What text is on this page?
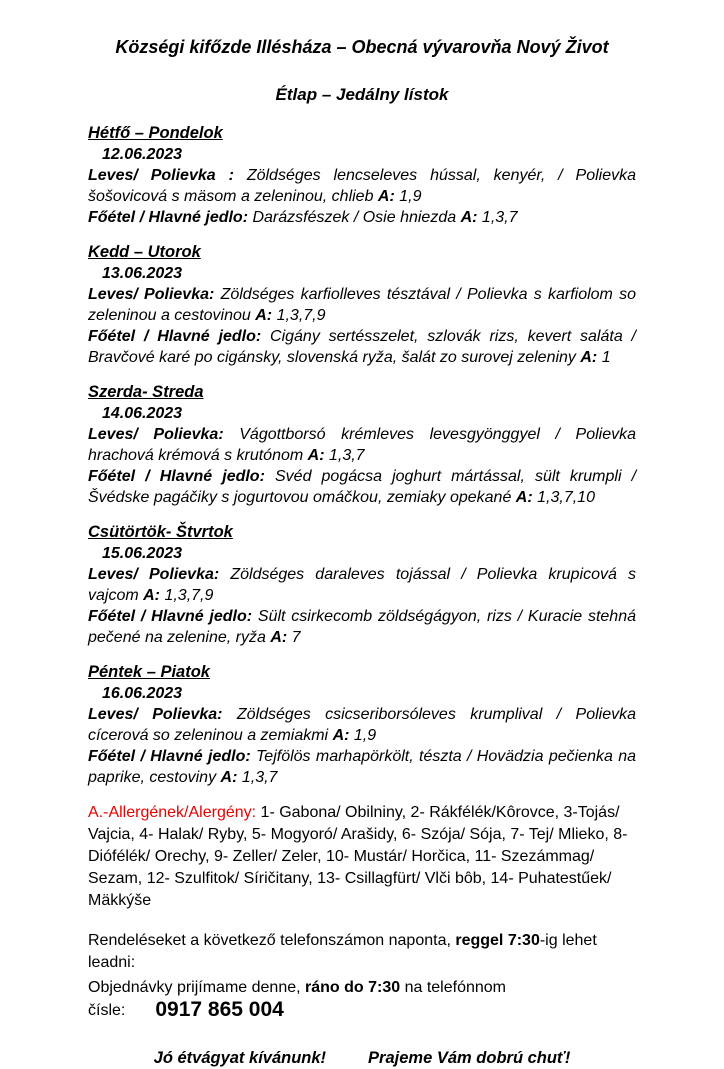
Községi kifőzde Illésháza – Obecná vývarovňa Nový Život
Étlap – Jedálny lístok
Hétfő – Pondelok

12.06.2023

Leves/ Polievka : Zöldséges lencseleves hússal, kenyér, / Polievka šošovicová s mäsom a zeleninou, chlieb A: 1,9

Főétel / Hlavné jedlo: Darázsfészek / Osie hniezda A: 1,3,7

Kedd – Utorok

13.06.2023

Leves/ Polievka: Zöldséges karfiolleves tésztával / Polievka s karfiolom so zeleninou a cestovinou A: 1,3,7,9

Főétel / Hlavné jedlo: Cigány sertésszelet, szlovák rizs, kevert saláta / Bravčové karé po cigánsky, slovenská ryža, šalát zo surovej zeleniny A: 1

Szerda- Streda

14.06.2023

Leves/ Polievka: Vágottborsó krémleves levesgyönggyel / Polievka hrachová krémová s krutónom A: 1,3,7

Főétel / Hlavné jedlo: Svéd pogácsa joghurt mártással, sült krumpli / Švédske pagáčiky s jogurtovou omáčkou, zemiaky opekané A: 1,3,7,10

Csütörtök- Štvrtok

15.06.2023

Leves/ Polievka: Zöldséges daraleves tojással / Polievka krupicová s vajcom A: 1,3,7,9

Főétel / Hlavné jedlo: Sült csirkecomb zöldségágyon, rizs / Kuracie stehná pečené na zelenine, ryža A: 7

Péntek – Piatok

16.06.2023

Leves/ Polievka: Zöldséges csicseriborsóleves krumplival / Polievka cícerová so zeleninou a zemiakmi A: 1,9

Főétel / Hlavné jedlo: Tejfölös marhapörkölt, tészta / Hovädzia pečienka na paprike, cestoviny A: 1,3,7

A.-Allergének/Alergény: 1- Gabona/ Obilniny, 2- Rákfélék/Kôrovce, 3-Tojás/ Vajcia, 4- Halak/ Ryby, 5- Mogyoró/ Arašidy, 6- Szója/ Sója, 7- Tej/ Mlieko, 8- Diófélék/ Orechy, 9- Zeller/ Zeler, 10- Mustár/ Horčica, 11- Szezámmag/ Sezam, 12- Szulfitok/ Síričitany, 13- Csillagfürt/ Vlči bôb, 14- Puhatestűek/ Mäkkýše

Rendeléseket a következő telefonszámon naponta, reggel 7:30-ig lehet leadni:

Objednávky prijímame denne, ráno do 7:30 na telefónnom čísle: 0917 865 004

Jó étvágyat kívánunk!	Prajeme Vám dobrú chuť!
